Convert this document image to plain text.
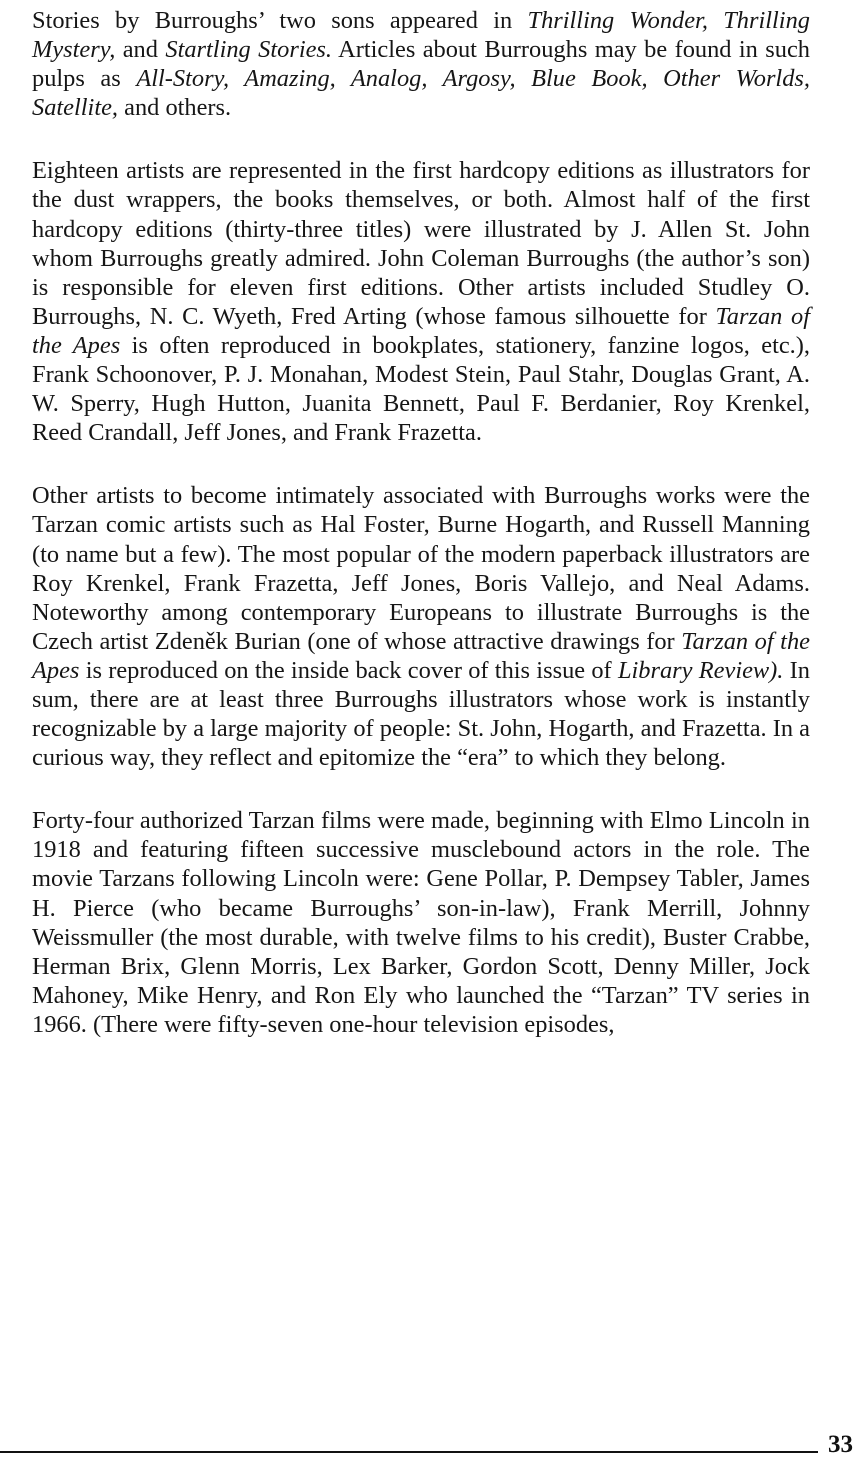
Stories by Burroughs’ two sons appeared in Thrilling Wonder, Thrilling Mystery, and Startling Stories. Articles about Burroughs may be found in such pulps as All-Story, Amazing, Analog, Argosy, Blue Book, Other Worlds, Satellite, and others.

Eighteen artists are represented in the first hardcopy editions as illustrators for the dust wrappers, the books themselves, or both. Almost half of the first hardcopy editions (thirty-three titles) were illustrated by J. Allen St. John whom Burroughs greatly admired. John Coleman Burroughs (the author’s son) is responsible for eleven first editions. Other artists included Studley O. Burroughs, N. C. Wyeth, Fred Arting (whose famous silhouette for Tarzan of the Apes is often reproduced in bookplates, stationery, fanzine logos, etc.), Frank Schoonover, P. J. Monahan, Modest Stein, Paul Stahr, Douglas Grant, A. W. Sperry, Hugh Hutton, Juanita Bennett, Paul F. Berdanier, Roy Krenkel, Reed Crandall, Jeff Jones, and Frank Frazetta.

Other artists to become intimately associated with Burroughs works were the Tarzan comic artists such as Hal Foster, Burne Hogarth, and Russell Manning (to name but a few). The most popular of the modern paperback illustrators are Roy Krenkel, Frank Frazetta, Jeff Jones, Boris Vallejo, and Neal Adams. Noteworthy among contemporary Europeans to illustrate Burroughs is the Czech artist Zdeněk Burian (one of whose attractive drawings for Tarzan of the Apes is reproduced on the inside back cover of this issue of Library Review). In sum, there are at least three Burroughs illustrators whose work is instantly recognizable by a large majority of people: St. John, Hogarth, and Frazetta. In a curious way, they reflect and epitomize the “era” to which they belong.

Forty-four authorized Tarzan films were made, beginning with Elmo Lincoln in 1918 and featuring fifteen successive musclebound actors in the role. The movie Tarzans following Lincoln were: Gene Pollar, P. Dempsey Tabler, James H. Pierce (who became Burroughs’ son-in-law), Frank Merrill, Johnny Weissmuller (the most durable, with twelve films to his credit), Buster Crabbe, Herman Brix, Glenn Morris, Lex Barker, Gordon Scott, Denny Miller, Jock Mahoney, Mike Henry, and Ron Ely who launched the “Tarzan” TV series in 1966. (There were fifty-seven one-hour television episodes,

33
